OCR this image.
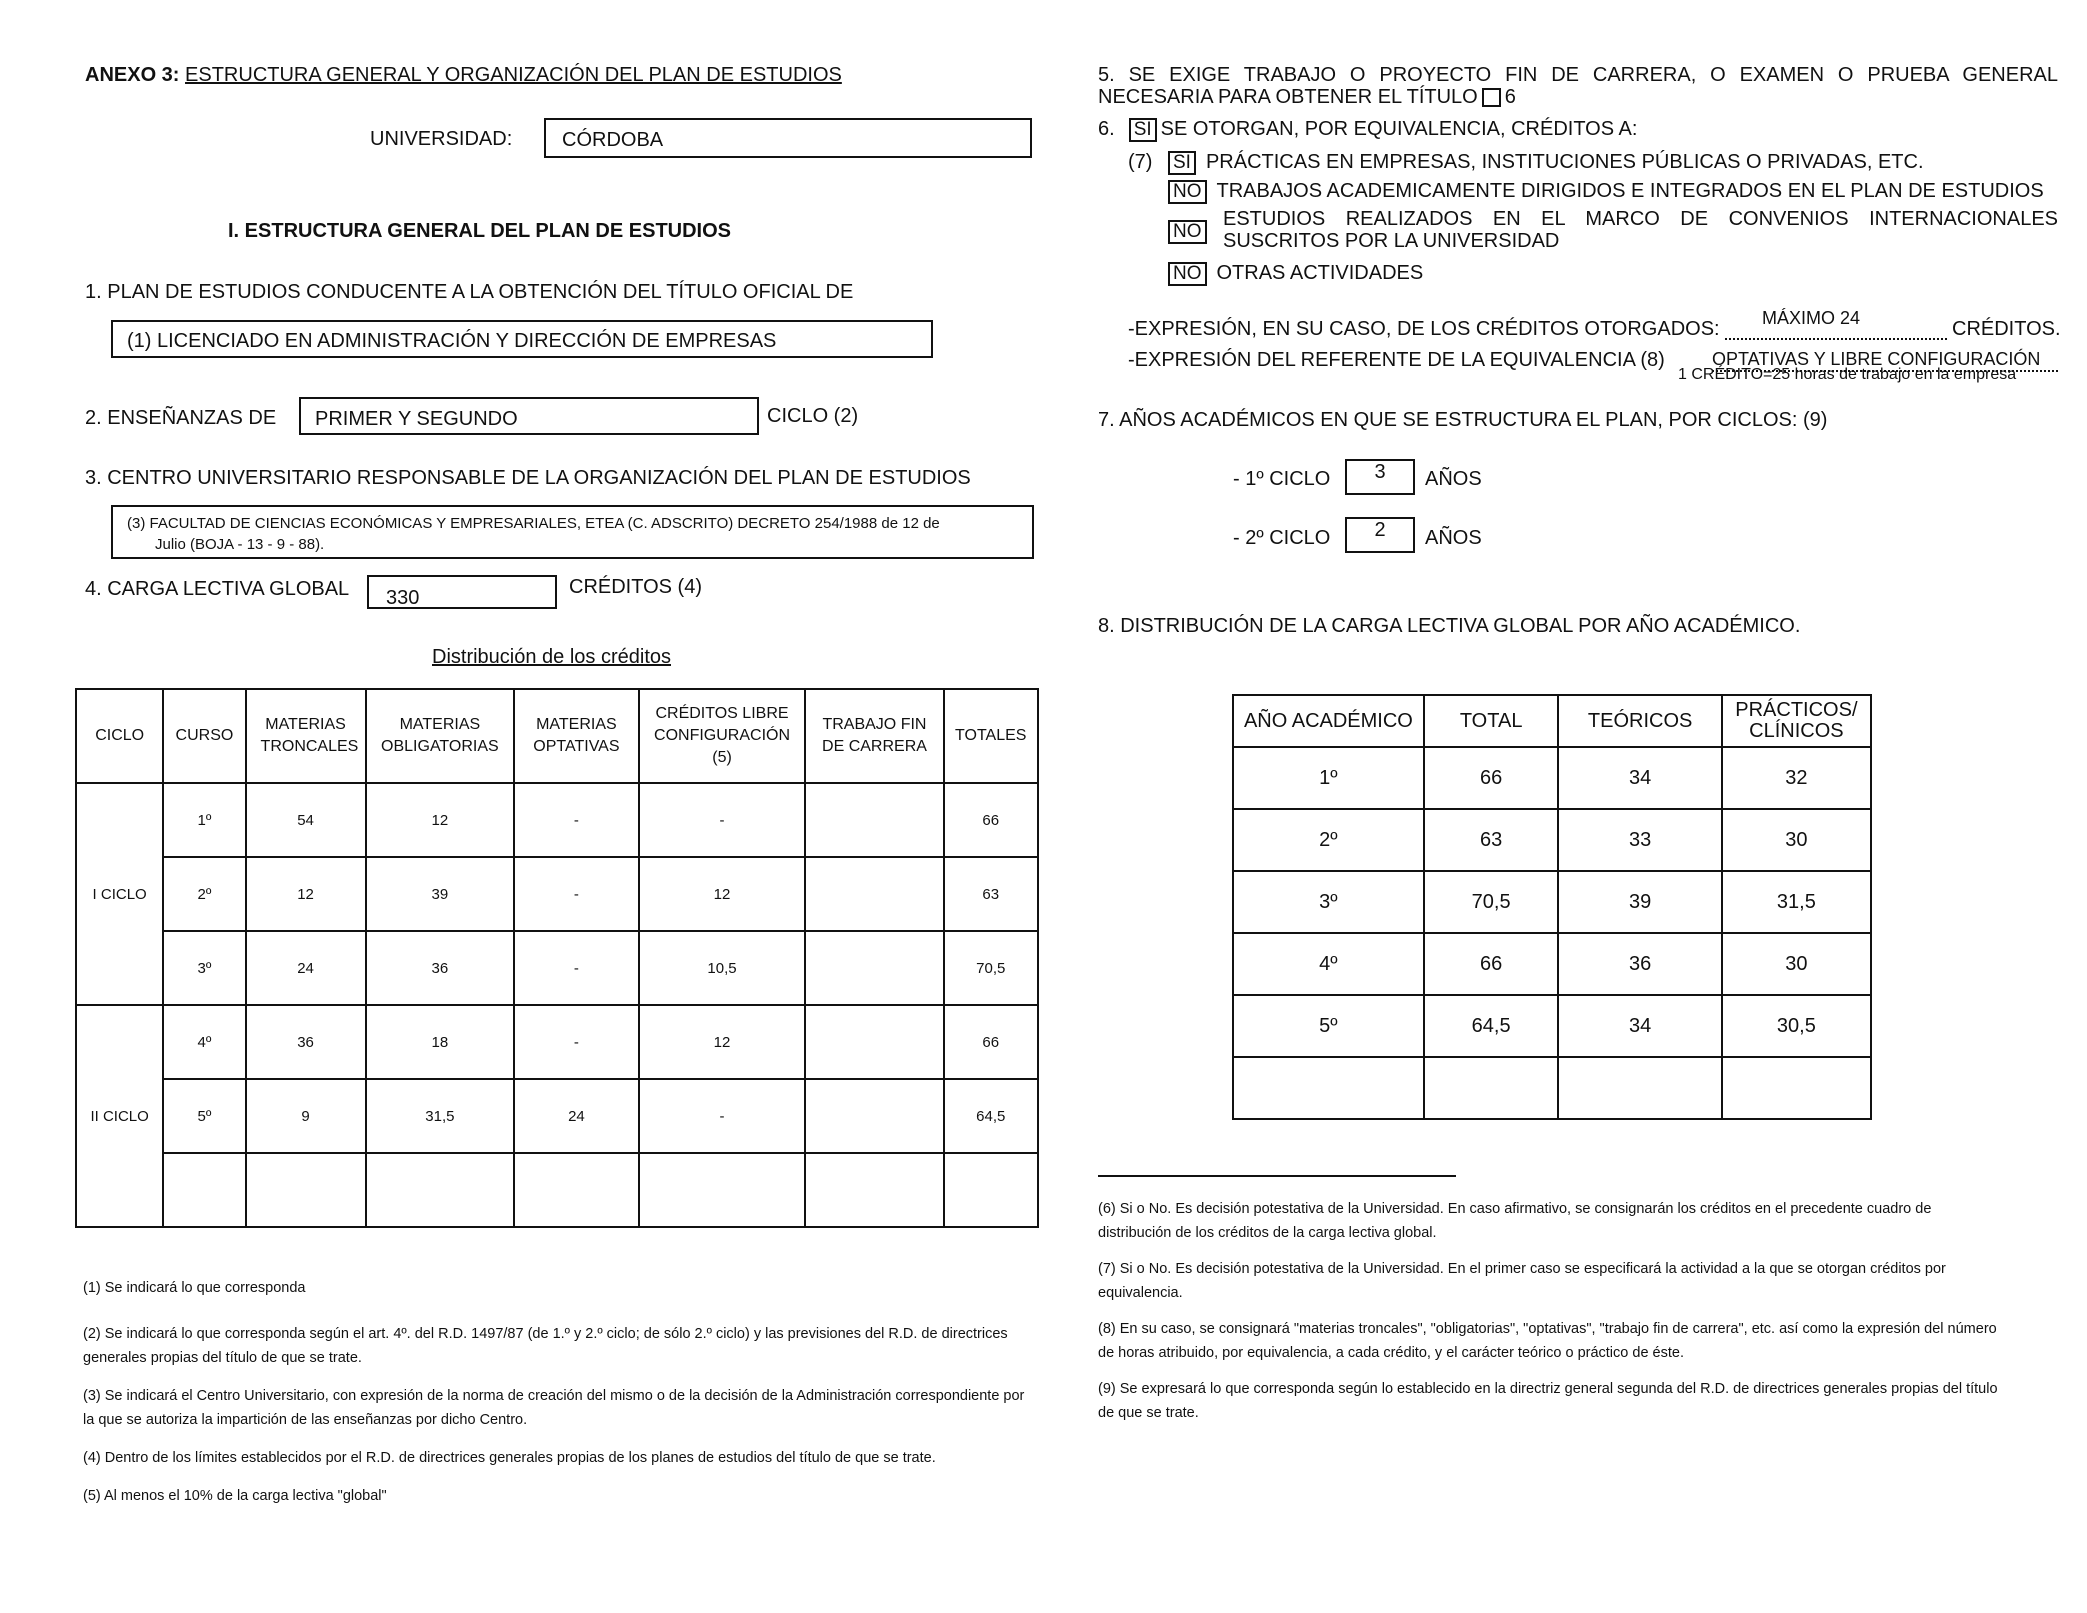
ANEXO 3: ESTRUCTURA GENERAL Y ORGANIZACIÓN DEL PLAN DE ESTUDIOS
UNIVERSIDAD: CÓRDOBA
I. ESTRUCTURA GENERAL DEL PLAN DE ESTUDIOS
1. PLAN DE ESTUDIOS CONDUCENTE A LA OBTENCIÓN DEL TÍTULO OFICIAL DE
(1) LICENCIADO EN ADMINISTRACIÓN Y DIRECCIÓN DE EMPRESAS
2. ENSEÑANZAS DE PRIMER Y SEGUNDO	CICLO (2)
3. CENTRO UNIVERSITARIO RESPONSABLE DE LA ORGANIZACIÓN DEL PLAN DE ESTUDIOS
(3) FACULTAD DE CIENCIAS ECONÓMICAS Y EMPRESARIALES, ETEA (C. ADSCRITO) DECRETO 254/1988 de 12 de
Julio (BOJA - 13 - 9 - 88).
4. CARGA LECTIVA GLOBAL 330	CRÉDITOS (4)
Distribución de los créditos
CICLO	CURSO	MATERIAS TRONCALES	MATERIAS OBLIGATORIAS	MATERIAS OPTATIVAS	CRÉDITOS LIBRE CONFIGURACIÓN (5)	TRABAJO FIN DE CARRERA	TOTALES
I CICLO	1º	54	12	-	-		66
	2º	12	39	-	12		63
	3º	24	36	-	10,5		70,5
II CICLO	4º	36	18	-	12		66
	5º	9	31,5	24	-		64,5

(1) Se indicará lo que corresponda
(2) Se indicará lo que corresponda según el art. 4º. del R.D. 1497/87 (de 1.º y 2.º ciclo; de sólo 2.º ciclo) y las previsiones del R.D. de directrices generales propias del título de que se trate.
(3) Se indicará el Centro Universitario, con expresión de la norma de creación del mismo o de la decisión de la Administración correspondiente por la que se autoriza la impartición de las enseñanzas por dicho Centro.
(4) Dentro de los límites establecidos por el R.D. de directrices generales propias de los planes de estudios del título de que se trate.
(5) Al menos el 10% de la carga lectiva "global"
5. SE EXIGE TRABAJO O PROYECTO FIN DE CARRERA, O EXAMEN O PRUEBA GENERAL
NECESARIA PARA OBTENER EL TÍTULO 6
6. SI SE OTORGAN, POR EQUIVALENCIA, CRÉDITOS A:
(7) SI PRÁCTICAS EN EMPRESAS, INSTITUCIONES PÚBLICAS O PRIVADAS, ETC.
NO TRABAJOS ACADEMICAMENTE DIRIGIDOS E INTEGRADOS EN EL PLAN DE ESTUDIOS
NO
ESTUDIOS REALIZADOS EN EL MARCO DE CONVENIOS INTERNACIONALES
SUSCRITOS POR LA UNIVERSIDAD
NO OTRAS ACTIVIDADES
-EXPRESIÓN, EN SU CASO, DE LOS CRÉDITOS OTORGADOS: MÁXIMO 24	CRÉDITOS.
-EXPRESIÓN DEL REFERENTE DE LA EQUIVALENCIA (8)	OPTATIVAS Y LIBRE CONFIGURACIÓN
1 CRÉDITO=25 horas de trabajo en la empresa
7. AÑOS ACADÉMICOS EN QUE SE ESTRUCTURA EL PLAN, POR CICLOS: (9)
- 1º CICLO	3	AÑOS
- 2º CICLO	2	AÑOS
8. DISTRIBUCIÓN DE LA CARGA LECTIVA GLOBAL POR AÑO ACADÉMICO.
AÑO ACADÉMICO	TOTAL	TEÓRICOS	PRÁCTICOS/ CLÍNICOS

1º	66	34	32
2º	63	33	30
3º	70,5	39	31,5
4º	66	36	30
5º	64,5	34	30,5

(6) Si o No. Es decisión potestativa de la Universidad. En caso afirmativo, se consignarán los créditos en el precedente cuadro de distribución de los créditos de la carga lectiva global.
(7) Si o No. Es decisión potestativa de la Universidad. En el primer caso se especificará la actividad a la que se otorgan créditos por equivalencia.
(8) En su caso, se consignará "materias troncales", "obligatorias", "optativas", "trabajo fin de carrera", etc. así como la expresión del número de horas atribuido, por equivalencia, a cada crédito, y el carácter teórico o práctico de éste.
(9) Se expresará lo que corresponda según lo establecido en la directriz general segunda del R.D. de directrices generales propias del título de que se trate.
